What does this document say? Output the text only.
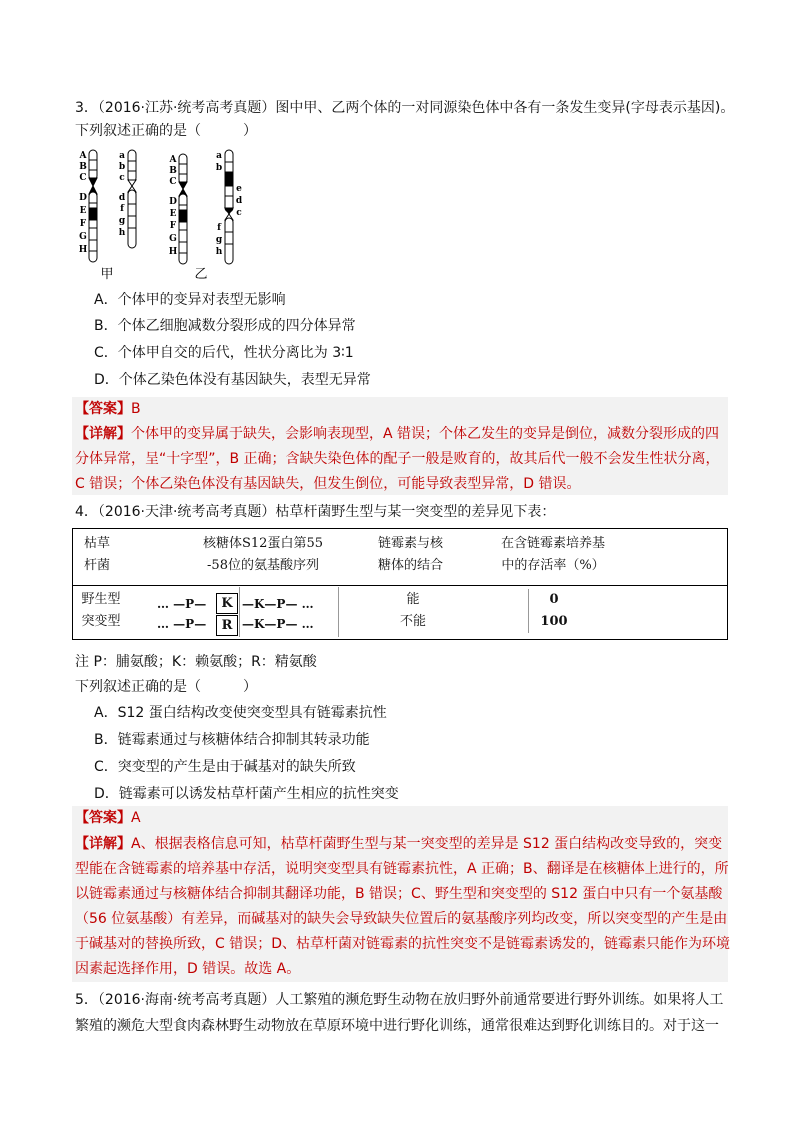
3．（2016·江苏·统考高考真题）图中甲、乙两个体的一对同源染色体中各有一条发生变异(字母表示基因)。
下列叙述正确的是（　　　）
A
B
C
D
E
F
G
H
a
b
c
d
f
g
h
甲
A
B
C
D
E
F
G
H
a
b
e
d
c
f
g
h
乙
A．个体甲的变异对表型无影响
B．个体乙细胞减数分裂形成的四分体异常
C．个体甲自交的后代，性状分离比为 3∶1
D．个体乙染色体没有基因缺失，表型无异常
【答案】B
【详解】个体甲的变异属于缺失，会影响表现型，A 错误；个体乙发生的变异是倒位，减数分裂形成的四
分体异常，呈“十字型”，B 正确；含缺失染色体的配子一般是败育的，故其后代一般不会发生性状分离，
C 错误；个体乙染色体没有基因缺失，但发生倒位，可能导致表型异常，D 错误。
4．（2016·天津·统考高考真题）枯草杆菌野生型与某一突变型的差异见下表：
枯草
杆菌
核糖体S12蛋白第55
-58位的氨基酸序列
链霉素与核
糖体的结合
在含链霉素培养基
中的存活率（%）
野生型
突变型
… —P—	K —K—P— …
… —P—	R —K—P— …
能
不能
0
100
注 P：脯氨酸；K：赖氨酸；R：精氨酸
下列叙述正确的是（　　　）
A．S12 蛋白结构改变使突变型具有链霉素抗性
B．链霉素通过与核糖体结合抑制其转录功能
C．突变型的产生是由于碱基对的缺失所致
D．链霉素可以诱发枯草杆菌产生相应的抗性突变
【答案】A
【详解】A、根据表格信息可知，枯草杆菌野生型与某一突变型的差异是 S12 蛋白结构改变导致的，突变
型能在含链霉素的培养基中存活，说明突变型具有链霉素抗性，A 正确；B、翻译是在核糖体上进行的，所
以链霉素通过与核糖体结合抑制其翻译功能，B 错误；C、野生型和突变型的 S12 蛋白中只有一个氨基酸
（56 位氨基酸）有差异，而碱基对的缺失会导致缺失位置后的氨基酸序列均改变，所以突变型的产生是由
于碱基对的替换所致，C 错误；D、枯草杆菌对链霉素的抗性突变不是链霉素诱发的，链霉素只能作为环境
因素起选择作用，D 错误。故选 A。
5．（2016·海南·统考高考真题）人工繁殖的濒危野生动物在放归野外前通常要进行野外训练。如果将人工
繁殖的濒危大型食肉森林野生动物放在草原环境中进行野化训练，通常很难达到野化训练目的。对于这一
